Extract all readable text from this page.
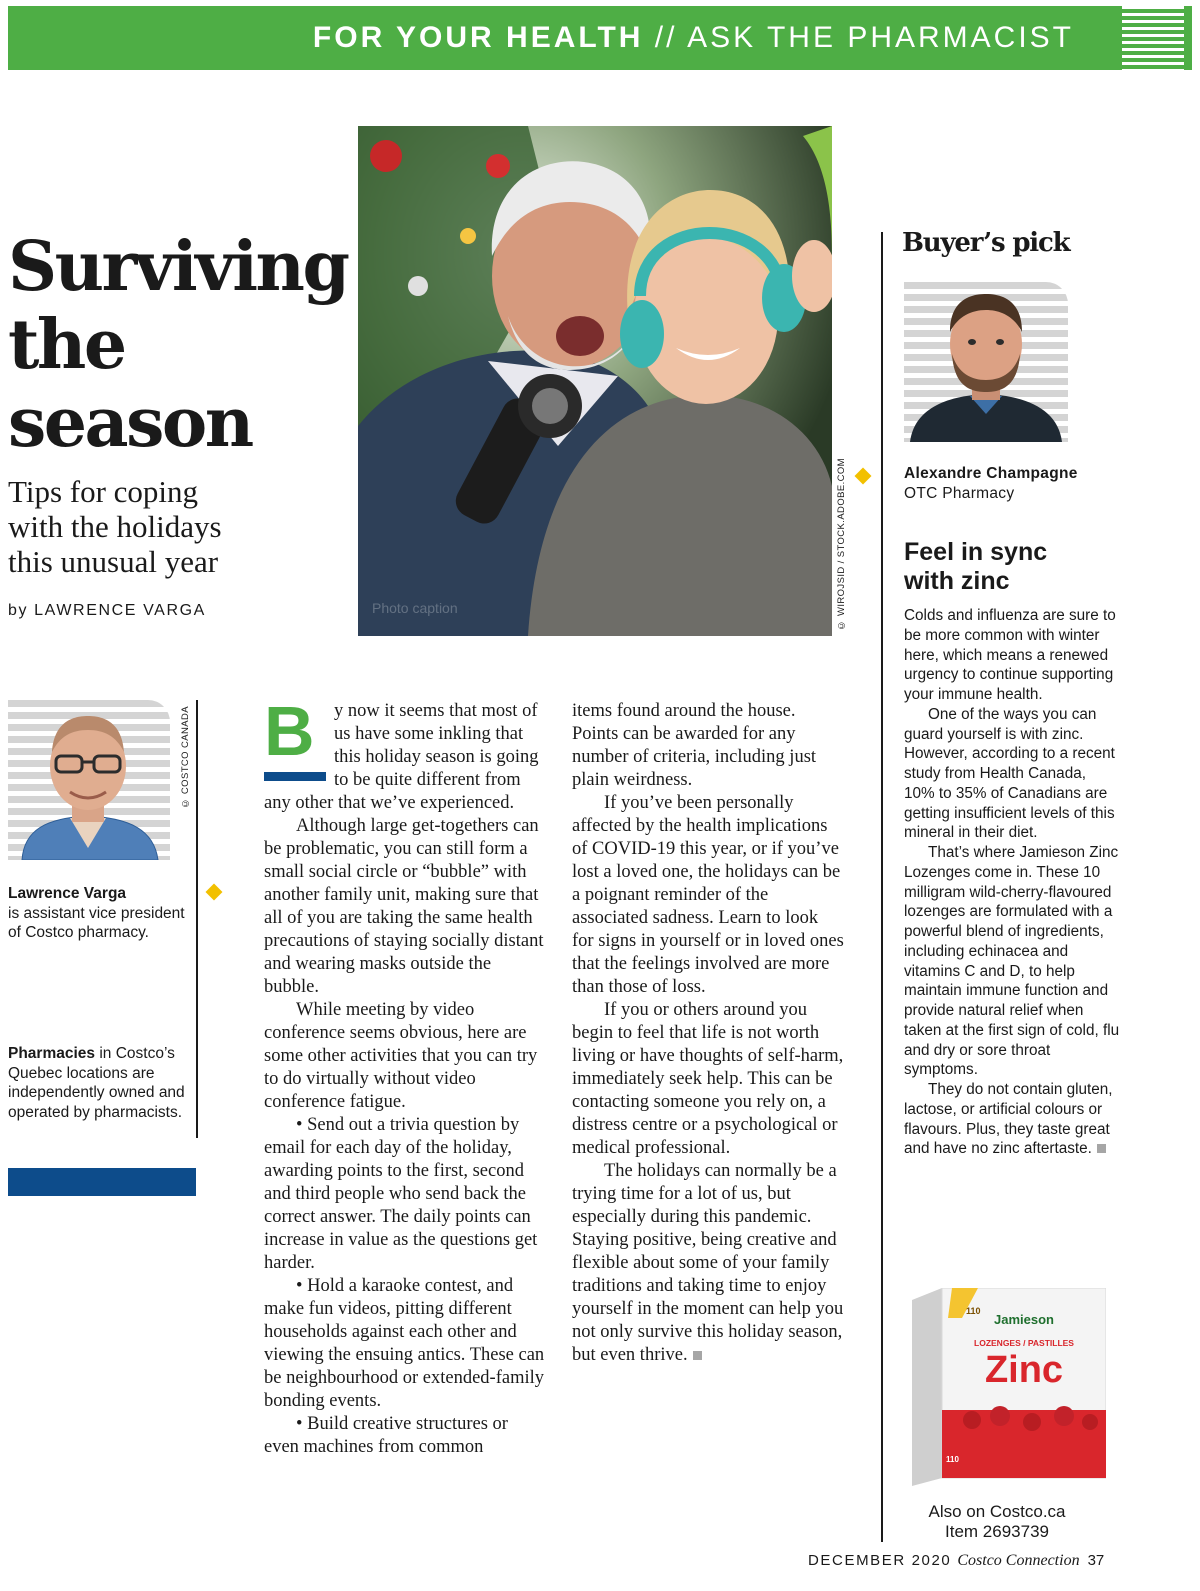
FOR YOUR HEALTH // ASK THE PHARMACIST
Surviving
the
season
Tips for coping
with the holidays
this unusual year
by LAWRENCE VARGA
© COSTCO CANADA
Lawrence Varga
is assistant vice president of Costco pharmacy.
Pharmacies in Costco’s Quebec locations are independently owned and operated by pharmacists.
Photo caption	© WIROJSID / STOCK.ADOBE.COM
B	y now it seems that most of us have some inkling that this holiday season is going to be quite different from any other that we’ve experienced.

Although large get-togethers can be problematic, you can still form a small social circle or “bubble” with another family unit, making sure that all of you are taking the same health precautions of staying socially distant and wearing masks outside the bubble.

While meeting by video conference seems obvious, here are some other activities that you can try to do virtually without video conference fatigue.

• Send out a trivia question by email for each day of the holiday, awarding points to the first, second and third people who send back the correct answer. The daily points can increase in value as the questions get harder.

• Hold a karaoke contest, and make fun videos, pitting different households against each other and viewing the ensuing antics. These can be neighbourhood or extended-family bonding events.

• Build creative structures or even machines from common

items found around the house. Points can be awarded for any number of criteria, including just plain weirdness.

If you’ve been personally affected by the health implications of COVID-19 this year, or if you’ve lost a loved one, the holidays can be a poignant reminder of the associated sadness. Learn to look for signs in yourself or in loved ones that the feelings involved are more than those of loss.

If you or others around you begin to feel that life is not worth living or have thoughts of self-harm, immediately seek help. This can be contacting someone you rely on, a distress centre or a psychological or medical professional.

The holidays can normally be a trying time for a lot of us, but especially during this pandemic. Staying positive, being creative and flexible about some of your family traditions and taking time to enjoy yourself in the moment can help you not only survive this holiday season, but even thrive.

Buyer’s pick
Alexandre Champagne
OTC Pharmacy
Feel in sync with zinc

Colds and influenza are sure to be more common with winter here, which means a renewed urgency to continue supporting your immune health.

One of the ways you can guard yourself is with zinc. However, according to a recent study from Health Canada, 10% to 35% of Canadians are getting insufficient levels of this mineral in their diet.

That’s where Jamieson Zinc Lozenges come in. These 10 milligram wild-cherry-flavoured lozenges are formulated with a powerful blend of ingredients, including echinacea and vitamins C and D, to help maintain immune function and provide natural relief when taken at the first sign of cold, flu and dry or sore throat symptoms.

They do not contain gluten, lactose, or artificial colours or flavours. Plus, they taste great and have no zinc aftertaste.

110
Jamieson
LOZENGES / PASTILLES
Zinc
110
Also on Costco.ca
Item 2693739
DECEMBER 2020 Costco Connection 37
